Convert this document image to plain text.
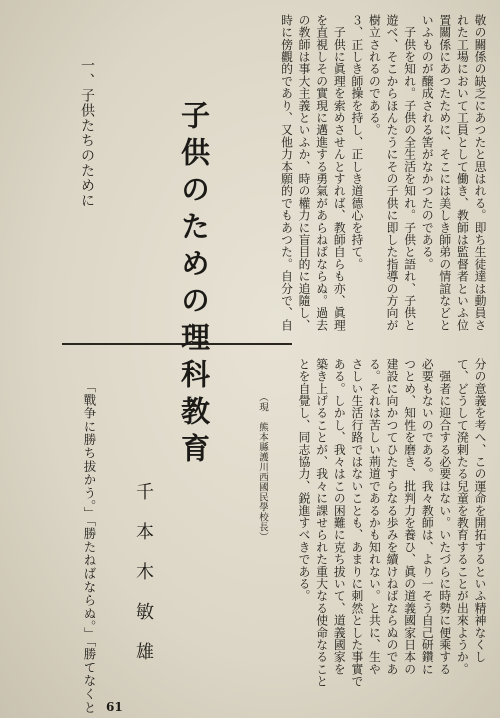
敬の關係の缺乏にあつたと思はれる。即ち生徒達は動員さ

れた工場において工員として働き、教師は監督者といふ位

置關係にあつたために、そこには美しき師弟の情誼などと

いふものが醸成される筈がなかつたのである。

　子供を知れ。子供の全生活を知れ。子供と語れ、子供と

遊べ、そこからほんたうにその子供に即した指導の方向が

樹立されるのである。

３、正しき師操を持し、正しき道德心を持て。

　子供に眞理を索めさせんとすれば、教師自らも亦、眞理

を直視しその實現に邁進する勇氣があらねばならぬ。過去

の教師は事大主義といふか、時の權力に盲目的に追隨し、

時に傍觀的であり、又他力本願的でもあつた。自分で、自

分の意義を考へ、この運命を開拓するといふ精神なくし

て、どうして溌剌たる兒童を教育することが出來ようか。

　强者に迎合する必要はない。いたづらに時勢に便乘する

必要もないのである。我々教師は、より一そう自己研鑽に

つとめ、知性を磨き、批判力を養ひ、眞の道義國家日本の

建設に向かつてひたすらなる歩みを續けねばならぬのであ

る。それは苦しい荊道であるかも知れない。と共に、生や

さしい生活行路ではないことも、あまりに刺然とした事實で

ある。しかし、我々はこの困難に克ち拔いて、道義國家を

築き上げることが、我々に課せられた重大なる使命なること

とを自覺し、同志協力、鋭進すべきである。

（現　熊本縣護川西國民學校長）
子供のための理科教育
千本木敏雄
一、子供たちのために
「戰争に勝ち拔かう。」「勝たねばならぬ。」「勝てなくと 61
